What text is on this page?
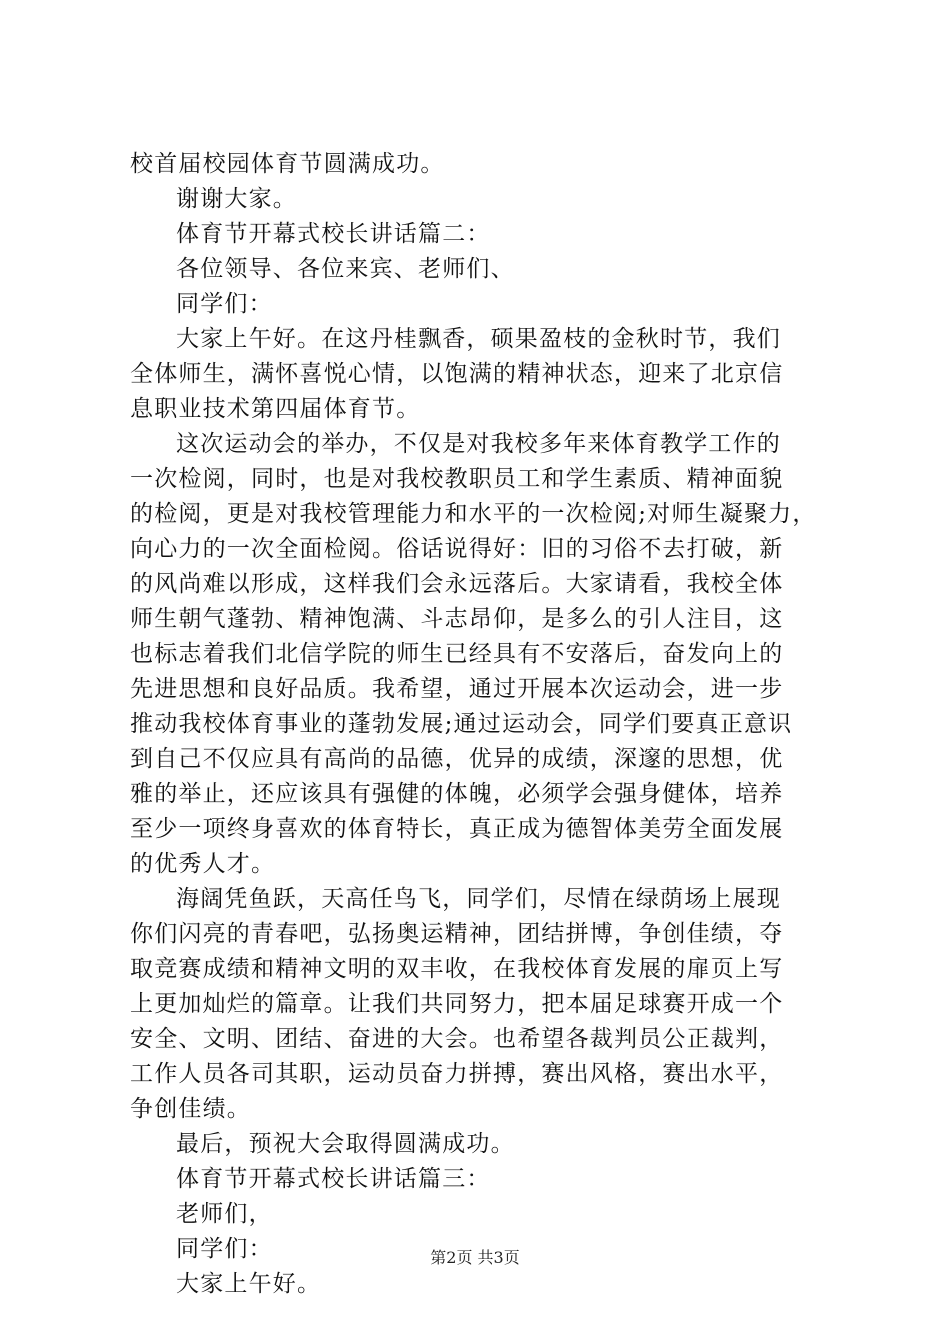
校首届校园体育节圆满成功。
谢谢大家。
体育节开幕式校长讲话篇二：
各位领导、各位来宾、老师们、
同学们：
大家上午好。在这丹桂飘香，硕果盈枝的金秋时节，我们
全体师生，满怀喜悦心情，以饱满的精神状态，迎来了北京信
息职业技术第四届体育节。
这次运动会的举办，不仅是对我校多年来体育教学工作的
一次检阅，同时，也是对我校教职员工和学生素质、精神面貌
的检阅，更是对我校管理能力和水平的一次检阅;对师生凝聚力，
向心力的一次全面检阅。俗话说得好：旧的习俗不去打破，新
的风尚难以形成，这样我们会永远落后。大家请看，我校全体
师生朝气蓬勃、精神饱满、斗志昂仰，是多么的引人注目，这
也标志着我们北信学院的师生已经具有不安落后，奋发向上的
先进思想和良好品质。我希望，通过开展本次运动会，进一步
推动我校体育事业的蓬勃发展;通过运动会，同学们要真正意识
到自己不仅应具有高尚的品德，优异的成绩，深邃的思想，优
雅的举止，还应该具有强健的体魄，必须学会强身健体，培养
至少一项终身喜欢的体育特长，真正成为德智体美劳全面发展
的优秀人才。
海阔凭鱼跃，天高任鸟飞，同学们，尽情在绿荫场上展现
你们闪亮的青春吧，弘扬奥运精神，团结拼博，争创佳绩，夺
取竞赛成绩和精神文明的双丰收，在我校体育发展的扉页上写
上更加灿烂的篇章。让我们共同努力，把本届足球赛开成一个
安全、文明、团结、奋进的大会。也希望各裁判员公正裁判，
工作人员各司其职，运动员奋力拼搏，赛出风格，赛出水平，
争创佳绩。
最后，预祝大会取得圆满成功。
体育节开幕式校长讲话篇三：
老师们，
同学们：
大家上午好。
第2页 共3页
